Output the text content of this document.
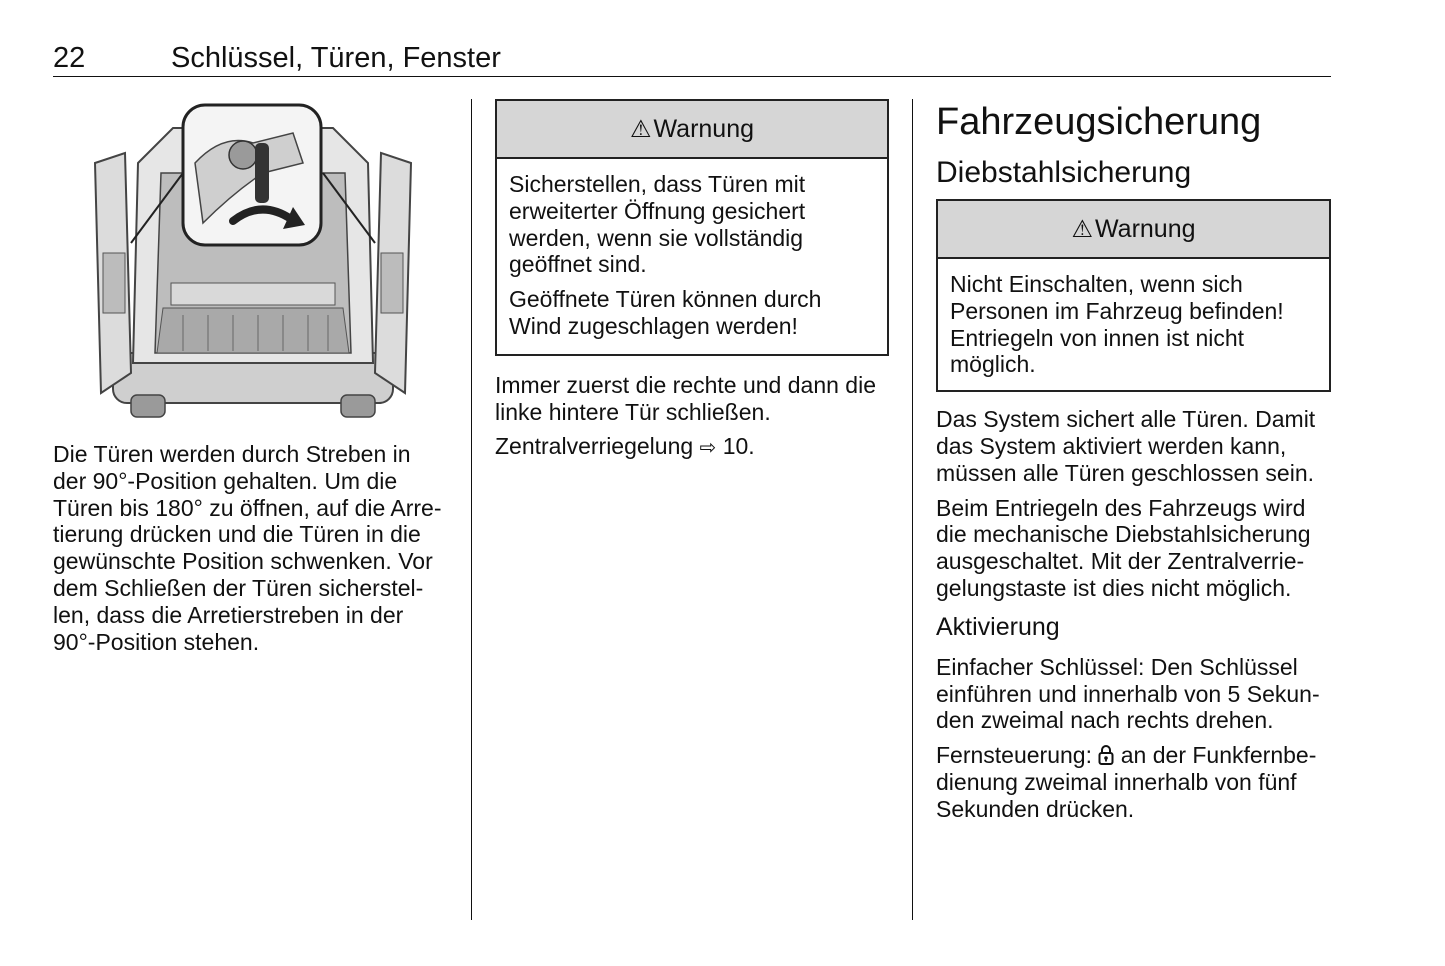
22	Schlüssel, Türen, Fenster

Die Türen werden durch Streben in
der 90°-Position gehalten. Um die
Türen bis 180° zu öffnen, auf die Arre-
tierung drücken und die Türen in die
gewünschte Position schwenken. Vor
dem Schließen der Türen sicherstel-
len, dass die Arretierstreben in der
90°-Position stehen.

⚠ Warnung

Sicherstellen, dass Türen mit
erweiterter Öffnung gesichert
werden, wenn sie vollständig
geöffnet sind.

Geöffnete Türen können durch
Wind zugeschlagen werden!

Immer zuerst die rechte und dann die
linke hintere Tür schließen.

Zentralverriegelung ⇨ 10.

Fahrzeugsicherung
Diebstahlsicherung
⚠ Warnung

Nicht Einschalten, wenn sich
Personen im Fahrzeug befinden!
Entriegeln von innen ist nicht
möglich.

Das System sichert alle Türen. Damit
das System aktiviert werden kann,
müssen alle Türen geschlossen sein.

Beim Entriegeln des Fahrzeugs wird
die mechanische Diebstahlsicherung
ausgeschaltet. Mit der Zentralverrie-
gelungstaste ist dies nicht möglich.

Aktivierung

Einfacher Schlüssel: Den Schlüssel
einführen und innerhalb von 5 Sekun-
den zweimal nach rechts drehen.

Fernsteuerung: an der Funkfernbe-
dienung zweimal innerhalb von fünf
Sekunden drücken.
